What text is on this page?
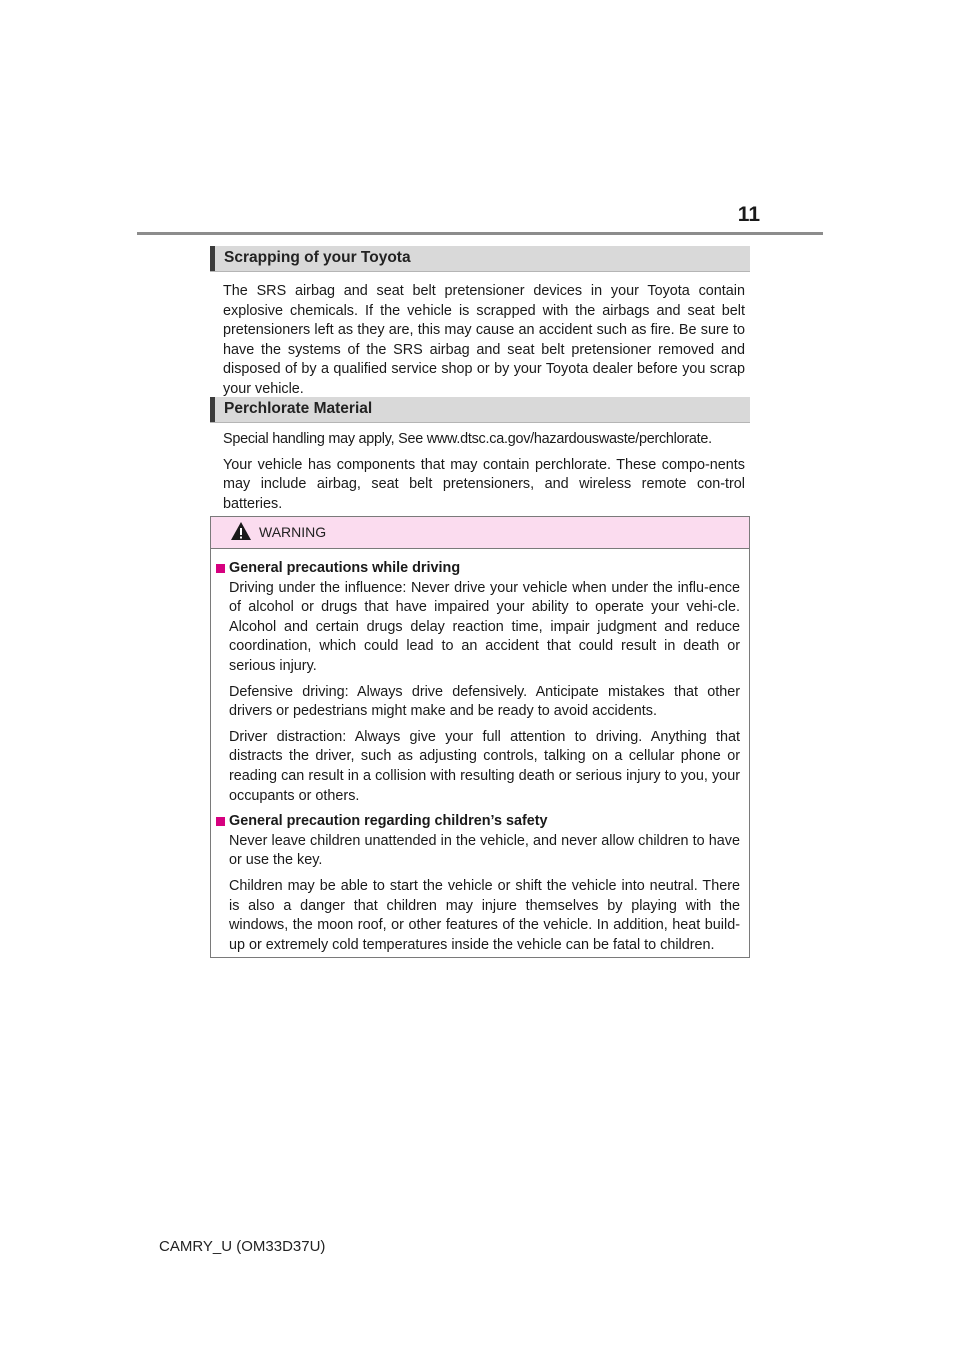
11
Scrapping of your Toyota

The SRS airbag and seat belt pretensioner devices in your Toyota contain explosive chemicals. If the vehicle is scrapped with the airbags and seat belt pretensioners left as they are, this may cause an accident such as fire. Be sure to have the systems of the SRS airbag and seat belt pretensioner removed and disposed of by a qualified service shop or by your Toyota dealer before you scrap your vehicle.

Perchlorate Material

Special handling may apply, See www.dtsc.ca.gov/hazardouswaste/perchlorate.

Your vehicle has components that may contain perchlorate. These compo-nents may include airbag, seat belt pretensioners, and wireless remote con-trol batteries.

WARNING
General precautions while driving

Driving under the influence: Never drive your vehicle when under the influ-ence of alcohol or drugs that have impaired your ability to operate your vehi-cle. Alcohol and certain drugs delay reaction time, impair judgment and reduce coordination, which could lead to an accident that could result in death or serious injury.

Defensive driving: Always drive defensively. Anticipate mistakes that other drivers or pedestrians might make and be ready to avoid accidents.

Driver distraction: Always give your full attention to driving. Anything that distracts the driver, such as adjusting controls, talking on a cellular phone or reading can result in a collision with resulting death or serious injury to you, your occupants or others.

General precaution regarding children’s safety

Never leave children unattended in the vehicle, and never allow children to have or use the key.

Children may be able to start the vehicle or shift the vehicle into neutral. There is also a danger that children may injure themselves by playing with the windows, the moon roof, or other features of the vehicle. In addition, heat build-up or extremely cold temperatures inside the vehicle can be fatal to children.

CAMRY_U (OM33D37U)
